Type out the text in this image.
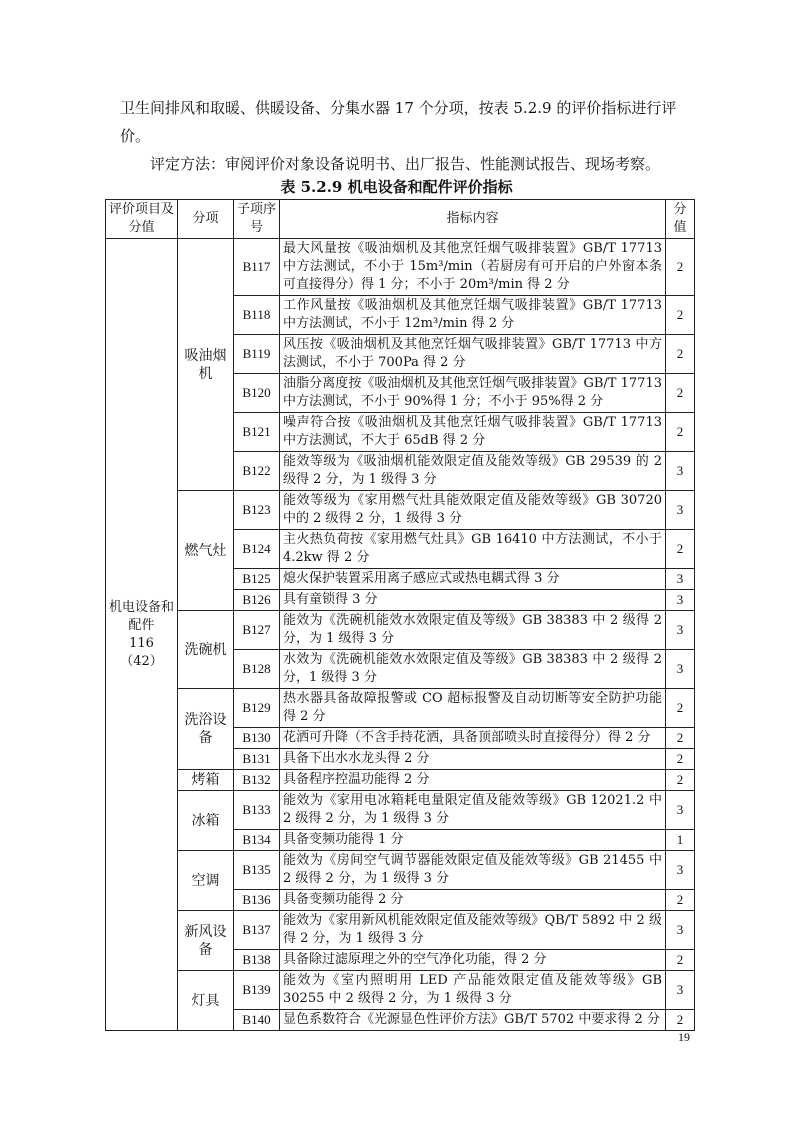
卫生间排风和取暖、供暖设备、分集水器 17 个分项，按表 5.2.9 的评价指标进行评价。

评定方法：审阅评价对象设备说明书、出厂报告、性能测试报告、现场考察。

表 5.2.9 机电设备和配件评价指标
评价项目及分值	分项	子项序号	指标内容	分值

机电设备和配件
116
（42）	吸油烟机	B117	最大风量按《吸油烟机及其他烹饪烟气吸排装置》GB/T 17713 中方法测试，不小于 15m³/min（若厨房有可开启的户外窗本条可直接得分）得 1 分；不小于 20m³/min 得 2 分	2
		B118	工作风量按《吸油烟机及其他烹饪烟气吸排装置》GB/T 17713 中方法测试，不小于 12m³/min 得 2 分	2
		B119	风压按《吸油烟机及其他烹饪烟气吸排装置》GB/T 17713 中方法测试，不小于 700Pa 得 2 分	2
		B120	油脂分离度按《吸油烟机及其他烹饪烟气吸排装置》GB/T 17713 中方法测试，不小于 90%得 1 分；不小于 95%得 2 分	2
		B121	噪声符合按《吸油烟机及其他烹饪烟气吸排装置》GB/T 17713 中方法测试，不大于 65dB 得 2 分	2
		B122	能效等级为《吸油烟机能效限定值及能效等级》GB 29539 的 2 级得 2 分，为 1 级得 3 分	3
	燃气灶	B123	能效等级为《家用燃气灶具能效限定值及能效等级》GB 30720 中的 2 级得 2 分，1 级得 3 分	3
		B124	主火热负荷按《家用燃气灶具》GB 16410 中方法测试，不小于 4.2kw 得 2 分	2
		B125	熄火保护装置采用离子感应式或热电耦式得 3 分	3
		B126	具有童锁得 3 分	3
	洗碗机	B127	能效为《洗碗机能效水效限定值及等级》GB 38383 中 2 级得 2 分，为 1 级得 3 分	3
		B128	水效为《洗碗机能效水效限定值及等级》GB 38383 中 2 级得 2 分，1 级得 3 分	3
	洗浴设备	B129	热水器具备故障报警或 CO 超标报警及自动切断等安全防护功能得 2 分	2
		B130	花洒可升降（不含手持花洒，具备顶部喷头时直接得分）得 2 分	2
		B131	具备下出水水龙头得 2 分	2
	烤箱	B132	具备程序控温功能得 2 分	2
	冰箱	B133	能效为《家用电冰箱耗电量限定值及能效等级》GB 12021.2 中 2 级得 2 分，为 1 级得 3 分	3
		B134	具备变频功能得 1 分	1
	空调	B135	能效为《房间空气调节器能效限定值及能效等级》GB 21455 中 2 级得 2 分，为 1 级得 3 分	3
		B136	具备变频功能得 2 分	2
	新风设备	B137	能效为《家用新风机能效限定值及能效等级》QB/T 5892 中 2 级得 2 分，为 1 级得 3 分	3
		B138	具备除过滤原理之外的空气净化功能，得 2 分	2
	灯具	B139	能效为《室内照明用 LED 产品能效限定值及能效等级》GB 30255 中 2 级得 2 分，为 1 级得 3 分	3
		B140	显色系数符合《光源显色性评价方法》GB/T 5702 中要求得 2 分	2
19
